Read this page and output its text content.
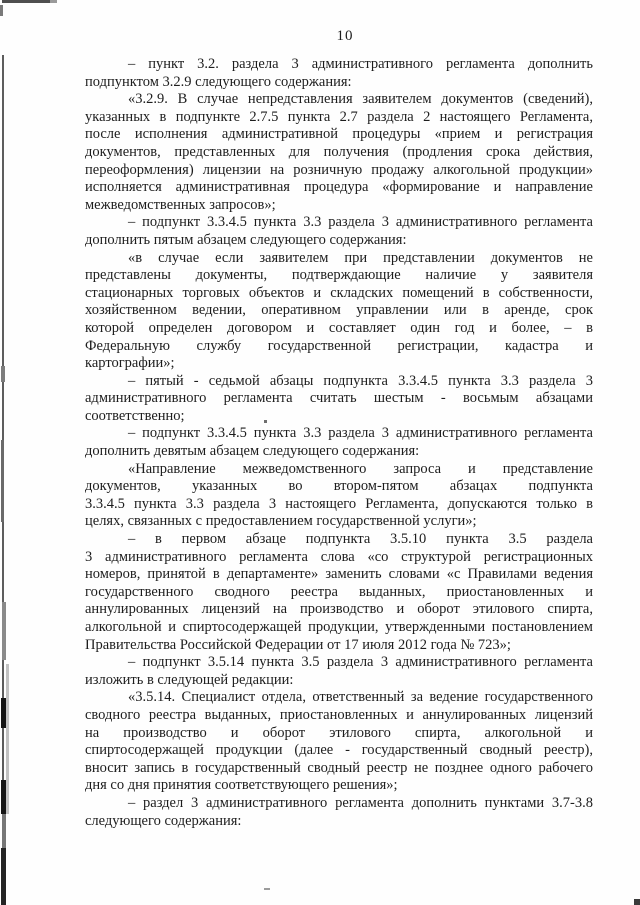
10
– пункт 3.2. раздела 3 административного регламента дополнить
подпунктом 3.2.9 следующего содержания:
«3.2.9. В случае непредставления заявителем документов (сведений),
указанных в подпункте 2.7.5 пункта 2.7 раздела 2 настоящего Регламента,
после исполнения административной процедуры «прием и регистрация
документов, представленных для получения (продления срока действия,
переоформления) лицензии на розничную продажу алкогольной продукции»
исполняется административная процедура «формирование и направление
межведомственных запросов»;
– подпункт 3.3.4.5 пункта 3.3 раздела 3 административного регламента
дополнить пятым абзацем следующего содержания:
«в случае если заявителем при представлении документов не
представлены документы, подтверждающие наличие у заявителя
стационарных торговых объектов и складских помещений в собственности,
хозяйственном ведении, оперативном управлении или в аренде, срок
которой определен договором и составляет один год и более, – в
Федеральную службу государственной регистрации, кадастра и
картографии»;
– пятый - седьмой абзацы подпункта 3.3.4.5 пункта 3.3 раздела 3
административного регламента считать шестым - восьмым абзацами
соответственно;
– подпункт 3.3.4.5 пункта 3.3 раздела 3 административного регламента
дополнить девятым абзацем следующего содержания:
«Направление межведомственного запроса и представление
документов, указанных во втором-пятом абзацах подпункта
3.3.4.5 пункта 3.3 раздела 3 настоящего Регламента, допускаются только в
целях, связанных с предоставлением государственной услуги»;
– в первом абзаце подпункта 3.5.10 пункта 3.5 раздела
3 административного регламента слова «со структурой регистрационных
номеров, принятой в департаменте» заменить словами «с Правилами ведения
государственного сводного реестра выданных, приостановленных и
аннулированных лицензий на производство и оборот этилового спирта,
алкогольной и спиртосодержащей продукции, утвержденными постановлением
Правительства Российской Федерации от 17 июля 2012 года № 723»;
– подпункт 3.5.14 пункта 3.5 раздела 3 административного регламента
изложить в следующей редакции:
«3.5.14. Специалист отдела, ответственный за ведение государственного
сводного реестра выданных, приостановленных и аннулированных лицензий
на производство и оборот этилового спирта, алкогольной и
спиртосодержащей продукции (далее - государственный сводный реестр),
вносит запись в государственный сводный реестр не позднее одного рабочего
дня со дня принятия соответствующего решения»;
– раздел 3 административного регламента дополнить пунктами 3.7-3.8
следующего содержания:
